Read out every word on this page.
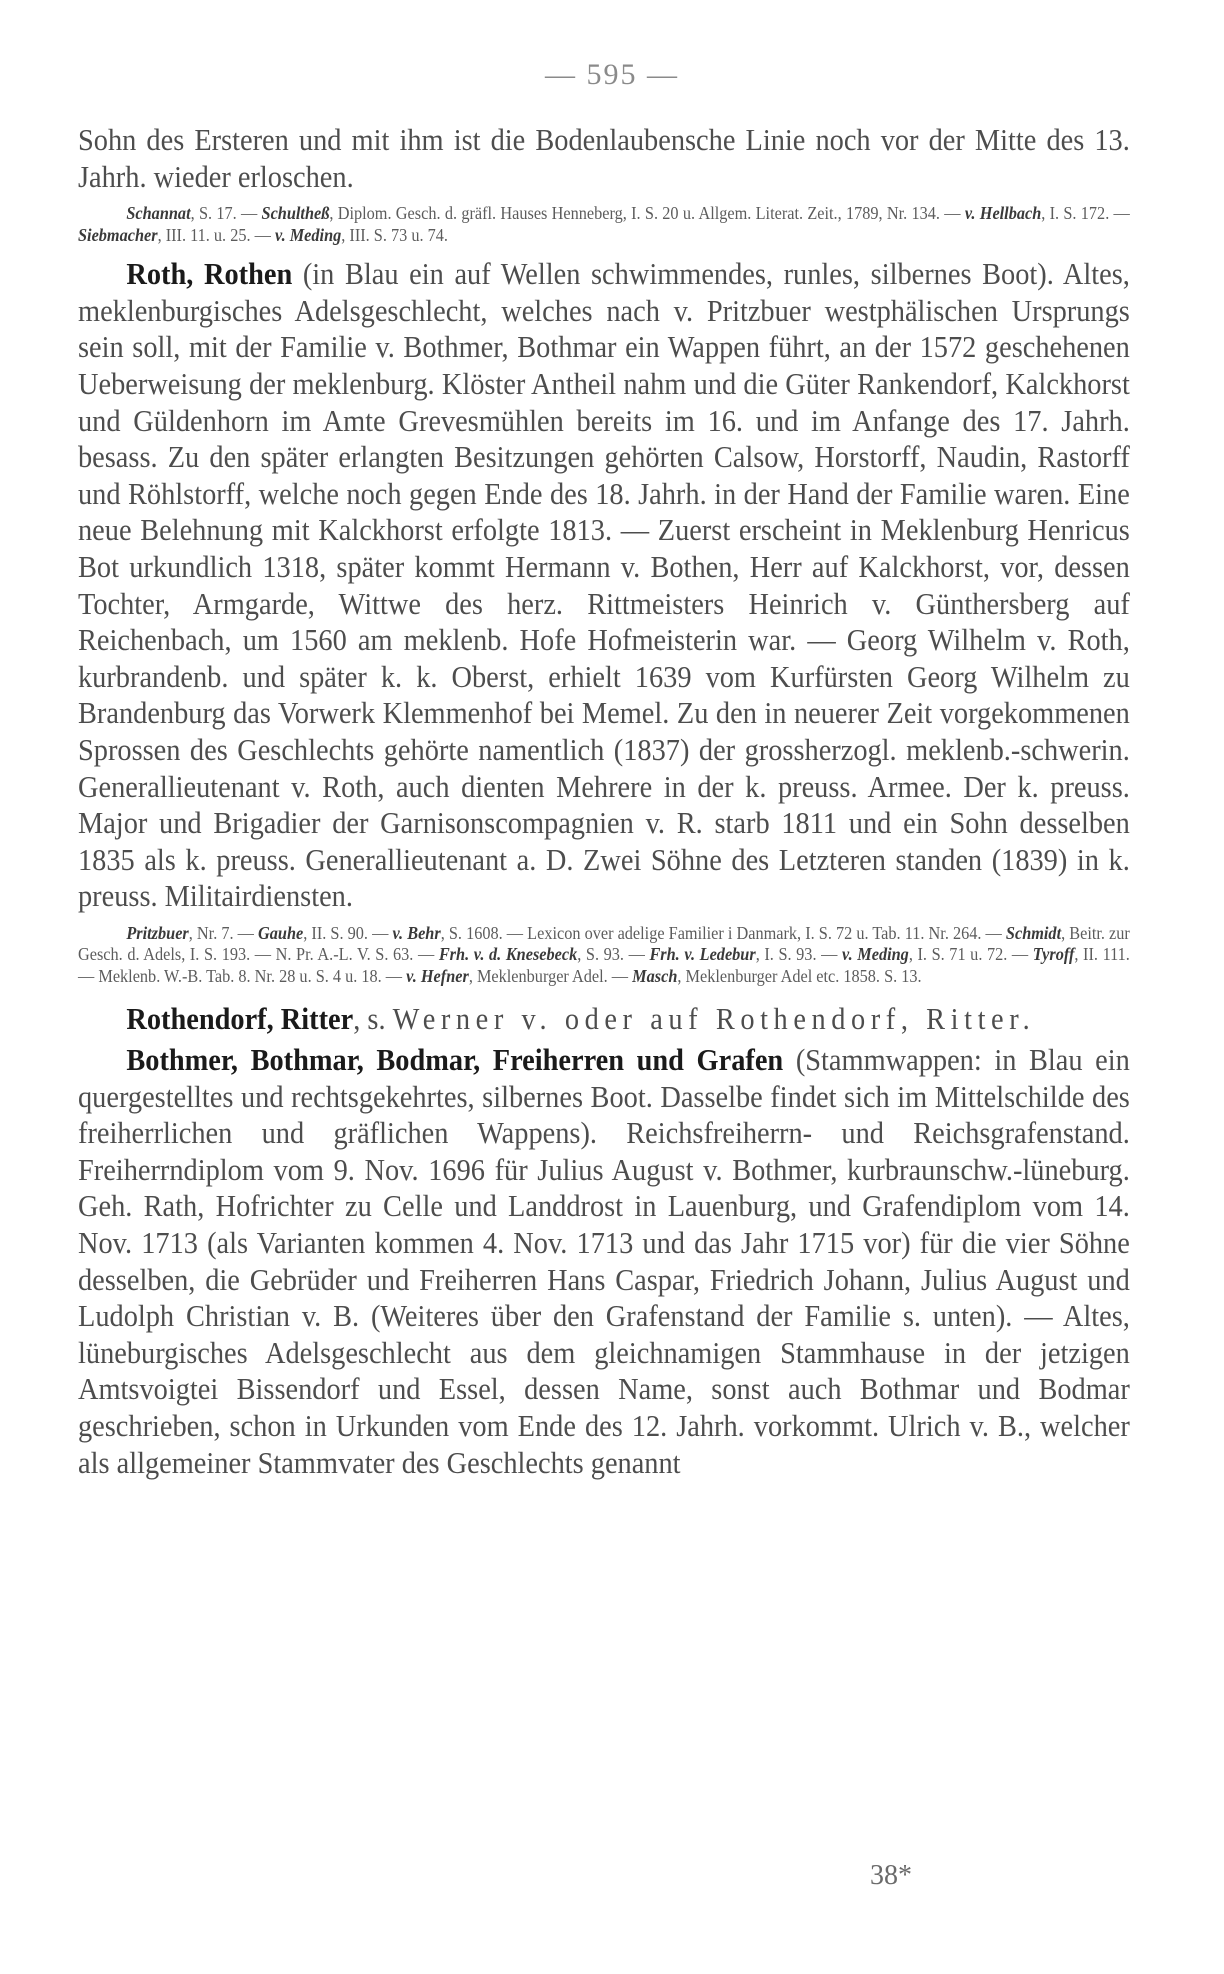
— 595 —

Sohn des Ersteren und mit ihm ist die Bodenlaubensche Linie noch vor der Mitte des 13. Jahrh. wieder erloschen.

Schannat, S. 17. — Schultheß, Diplom. Gesch. d. gräfl. Hauses Henneberg, I. S. 20 u. Allgem. Literat. Zeit., 1789, Nr. 134. — v. Hellbach, I. S. 172. — Siebmacher, III. 11. u. 25. — v. Meding, III. S. 73 u. 74.

Roth, Rothen (in Blau ein auf Wellen schwimmendes, runles, silbernes Boot). Altes, meklenburgisches Adelsgeschlecht, welches nach v. Pritzbuer westphälischen Ursprungs sein soll, mit der Familie v. Bothmer, Bothmar ein Wappen führt, an der 1572 geschehenen Ueberweisung der meklenburg. Klöster Antheil nahm und die Güter Rankendorf, Kalckhorst und Güldenhorn im Amte Grevesmühlen bereits im 16. und im Anfange des 17. Jahrh. besass. Zu den später erlangten Besitzungen gehörten Calsow, Horstorff, Naudin, Rastorff und Röhlstorff, welche noch gegen Ende des 18. Jahrh. in der Hand der Familie waren. Eine neue Belehnung mit Kalckhorst erfolgte 1813. — Zuerst erscheint in Meklenburg Henricus Bot urkundlich 1318, später kommt Hermann v. Bothen, Herr auf Kalckhorst, vor, dessen Tochter, Armgarde, Wittwe des herz. Rittmeisters Heinrich v. Günthersberg auf Reichenbach, um 1560 am meklenb. Hofe Hofmeisterin war. — Georg Wilhelm v. Roth, kurbrandenb. und später k. k. Oberst, erhielt 1639 vom Kurfürsten Georg Wilhelm zu Brandenburg das Vorwerk Klemmenhof bei Memel. Zu den in neuerer Zeit vorgekommenen Sprossen des Geschlechts gehörte namentlich (1837) der grossherzogl. meklenb.-schwerin. Generallieutenant v. Roth, auch dienten Mehrere in der k. preuss. Armee. Der k. preuss. Major und Brigadier der Garnisonscompagnien v. R. starb 1811 und ein Sohn desselben 1835 als k. preuss. Generallieutenant a. D. Zwei Söhne des Letzteren standen (1839) in k. preuss. Militairdiensten.

Pritzbuer, Nr. 7. — Gauhe, II. S. 90. — v. Behr, S. 1608. — Lexicon over adelige Familier i Danmark, I. S. 72 u. Tab. 11. Nr. 264. — Schmidt, Beitr. zur Gesch. d. Adels, I. S. 193. — N. Pr. A.-L. V. S. 63. — Frh. v. d. Knesebeck, S. 93. — Frh. v. Ledebur, I. S. 93. — v. Meding, I. S. 71 u. 72. — Tyroff, II. 111. — Meklenb. W.-B. Tab. 8. Nr. 28 u. S. 4 u. 18. — v. Hefner, Meklenburger Adel. — Masch, Meklenburger Adel etc. 1858. S. 13.

Rothendorf, Ritter, s. Werner v. oder auf Rothendorf, Ritter.

Bothmer, Bothmar, Bodmar, Freiherren und Grafen (Stammwappen: in Blau ein quergestelltes und rechtsgekehrtes, silbernes Boot. Dasselbe findet sich im Mittelschilde des freiherrlichen und gräflichen Wappens). Reichsfreiherrn- und Reichsgrafenstand. Freiherrndiplom vom 9. Nov. 1696 für Julius August v. Bothmer, kurbraunschw.-lüneburg. Geh. Rath, Hofrichter zu Celle und Landdrost in Lauenburg, und Grafendiplom vom 14. Nov. 1713 (als Varianten kommen 4. Nov. 1713 und das Jahr 1715 vor) für die vier Söhne desselben, die Gebrüder und Freiherren Hans Caspar, Friedrich Johann, Julius August und Ludolph Christian v. B. (Weiteres über den Grafenstand der Familie s. unten). — Altes, lüneburgisches Adelsgeschlecht aus dem gleichnamigen Stammhause in der jetzigen Amtsvoigtei Bissendorf und Essel, dessen Name, sonst auch Bothmar und Bodmar geschrieben, schon in Urkunden vom Ende des 12. Jahrh. vorkommt. Ulrich v. B., welcher als allgemeiner Stammvater des Geschlechts genannt

38*
